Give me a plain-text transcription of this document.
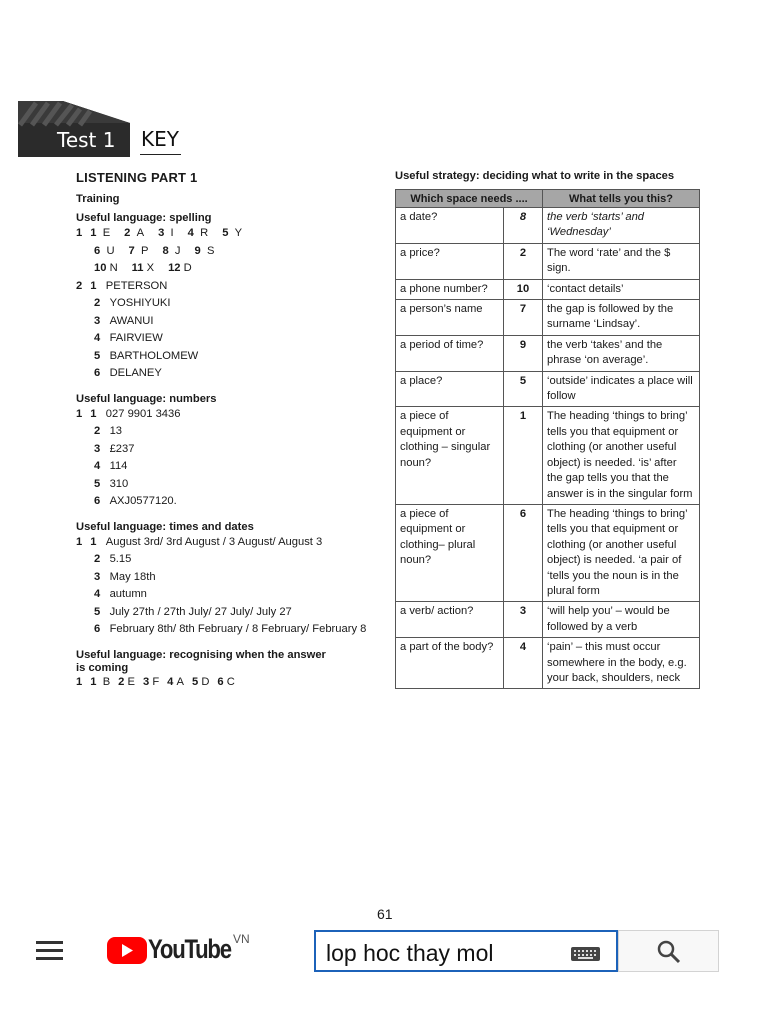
Test 1 KEY
LISTENING PART 1
Training
Useful language: spelling
1 1 E 2 A 3 I 4 R 5 Y
6 U 7 P 8 J 9 S
10 N 11 X 12 D
2 1 PETERSON
2 YOSHIYUKI
3 AWANUI
4 FAIRVIEW
5 BARTHOLOMEW
6 DELANEY
Useful language: numbers
1 1 027 9901 3436
2 13
3 £237
4 114
5 310
6 AXJ0577120.
Useful language: times and dates
1 1 August 3rd/ 3rd August / 3 August/ August 3
2 5.15
3 May 18th
4 autumn
5 July 27th / 27th July/ 27 July/ July 27
6 February 8th/ 8th February / 8 February/ February 8
Useful language: recognising when the answer
is coming
1 1 B 2 E 3 F 4 A 5 D 6 C
Useful strategy: deciding what to write in the spaces
Which space needs ....		What tells you this?
a date?	8	the verb ‘starts’ and ‘Wednesday’
a price?	2	The word ‘rate’ and the $ sign.
a phone number?	10	‘contact details’
a person’s name	7	the gap is followed by the surname ‘Lindsay’.
a period of time?	9	the verb ‘takes’ and the phrase ‘on average’.
a place?	5	‘outside’ indicates a place will follow
a piece of equipment or clothing – singular noun?	1	The heading ‘things to bring’ tells you that equipment or clothing (or another useful object) is needed. ‘is’ after the gap tells you that the answer is in the singular form
a piece of equipment or clothing– plural noun?	6	The heading ‘things to bring’ tells you that equipment or clothing (or another useful object) is needed. ‘a pair of ‘tells you the noun is in the plural form
a verb/ action?	3	‘will help you’ – would be followed by a verb
a part of the body?	4	‘pain’ – this must occur somewhere in the body, e.g. your back, shoulders, neck
61
YouTube VN
lop hoc thay mol
